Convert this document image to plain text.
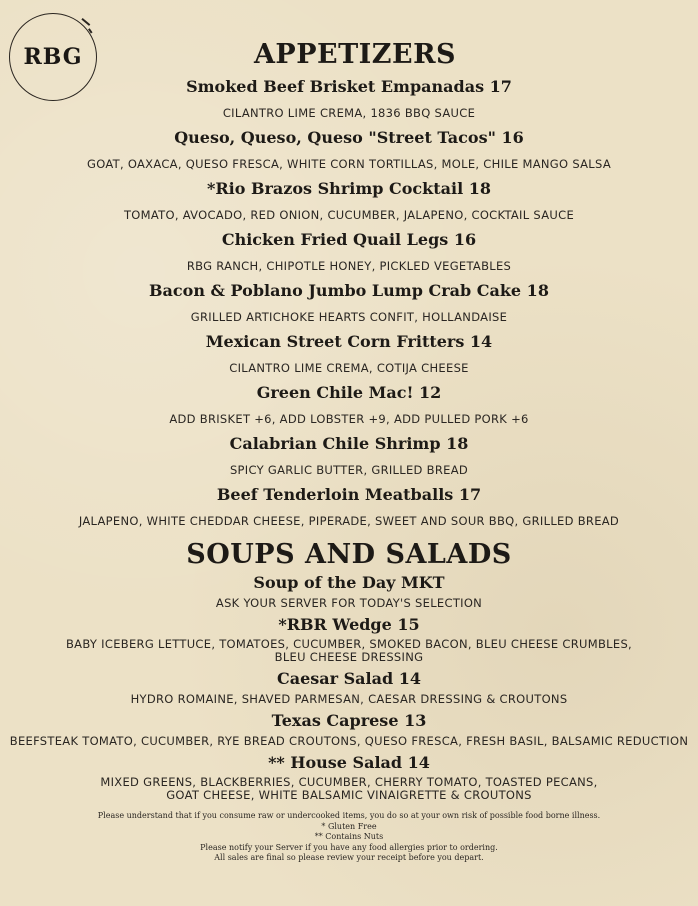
RBG	APPETIZERS
Smoked Beef Brisket Empanadas 17
CILANTRO LIME CREMA, 1836 BBQ SAUCE
Queso, Queso, Queso "Street Tacos" 16
GOAT, OAXACA, QUESO FRESCA, WHITE CORN TORTILLAS, MOLE, CHILE MANGO SALSA
*Rio Brazos Shrimp Cocktail 18
TOMATO, AVOCADO, RED ONION, CUCUMBER, JALAPENO, COCKTAIL SAUCE
Chicken Fried Quail Legs 16
RBG RANCH, CHIPOTLE HONEY, PICKLED VEGETABLES
Bacon & Poblano Jumbo Lump Crab Cake 18
GRILLED ARTICHOKE HEARTS CONFIT, HOLLANDAISE
Mexican Street Corn Fritters 14
CILANTRO LIME CREMA, COTIJA CHEESE
Green Chile Mac! 12
ADD BRISKET +6, ADD LOBSTER +9, ADD PULLED PORK +6
Calabrian Chile Shrimp 18
SPICY GARLIC BUTTER, GRILLED BREAD
Beef Tenderloin Meatballs 17
JALAPENO, WHITE CHEDDAR CHEESE, PIPERADE, SWEET AND SOUR BBQ, GRILLED BREAD
SOUPS AND SALADS
Soup of the Day MKT
ASK YOUR SERVER FOR TODAY'S SELECTION
*RBR Wedge 15
BABY ICEBERG LETTUCE, TOMATOES, CUCUMBER, SMOKED BACON, BLEU CHEESE CRUMBLES, BLEU CHEESE DRESSING
Caesar Salad 14
HYDRO ROMAINE, SHAVED PARMESAN, CAESAR DRESSING & CROUTONS
Texas Caprese 13
BEEFSTEAK TOMATO, CUCUMBER, RYE BREAD CROUTONS, QUESO FRESCA, FRESH BASIL, BALSAMIC REDUCTION
** House Salad 14
MIXED GREENS, BLACKBERRIES, CUCUMBER, CHERRY TOMATO, TOASTED PECANS, GOAT CHEESE, WHITE BALSAMIC VINAIGRETTE & CROUTONS
Please understand that if you consume raw or undercooked items, you do so at your own risk of possible food borne illness.
* Gluten Free
** Contains Nuts
Please notify your Server if you have any food allergies prior to ordering.
All sales are final so please review your receipt before you depart.
